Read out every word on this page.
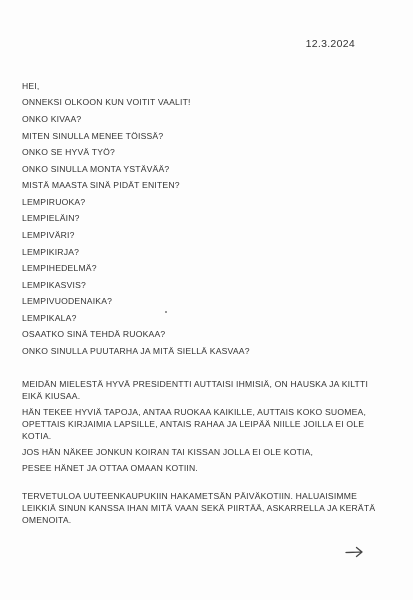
12.3.2024
HEI,
ONNEKSI OLKOON KUN VOITIT VAALIT!
ONKO KIVAA?
MITEN SINULLA MENEE TÖISSÄ?
ONKO SE HYVÄ TYÖ?
ONKO SINULLA MONTA YSTÄVÄÄ?
MISTÄ MAASTA SINÄ PIDÄT ENITEN?
LEMPIRUOKA?
LEMPIELÄIN?
LEMPIVÄRI?
LEMPIKIRJA?
LEMPIHEDELMÄ?
LEMPIKASVIS?
LEMPIVUODENAIKA?
LEMPIKALA?
OSAATKO SINÄ TEHDÄ RUOKAA?
ONKO SINULLA PUUTARHA JA MITÄ SIELLÄ KASVAA?
MEIDÄN MIELESTÄ HYVÄ PRESIDENTTI AUTTAISI IHMISIÄ, ON HAUSKA JA KILTTI
EIKÄ KIUSAA.
HÄN TEKEE HYVIÄ TAPOJA, ANTAA RUOKAA KAIKILLE, AUTTAIS KOKO SUOMEA,
OPETTAIS KIRJAIMIA LAPSILLE, ANTAIS RAHAA JA LEIPÄÄ NIILLE JOILLA EI OLE
KOTIA.
JOS HÄN NÄKEE JONKUN KOIRAN TAI KISSAN JOLLA EI OLE KOTIA,
PESEE HÄNET JA OTTAA OMAAN KOTIIN.
TERVETULOA UUTEENKAUPUKIIN HAKAMETSÄN PÄIVÄKOTIIN. HALUAISIMME
LEIKKIÄ SINUN KANSSA IHAN MITÄ VAAN SEKÄ PIIRTÄÄ, ASKARRELLA JA KERÄTÄ
OMENOITA.
